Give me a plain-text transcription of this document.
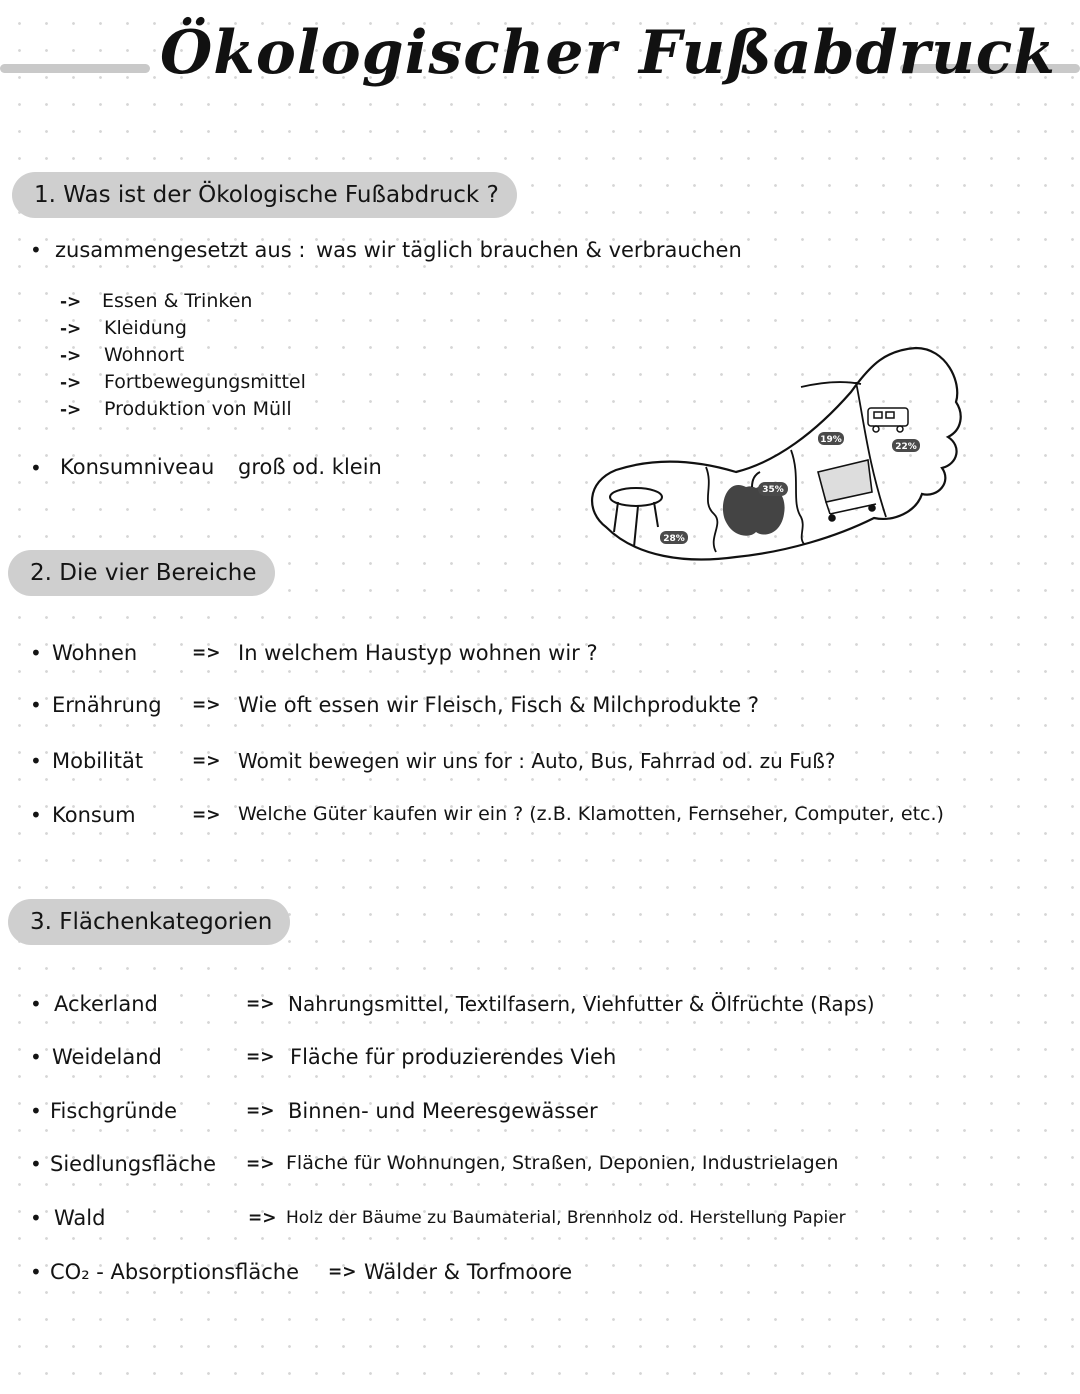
Ökologischer Fußabdruck
1. Was ist der Ökologische Fußabdruck ?
• zusammengesetzt aus : was wir täglich brauchen & verbrauchen
-> Essen & Trinken
-> Kleidung
-> Wohnort
-> Fortbewegungsmittel
-> Produktion von Müll
• Konsumniveau groß od. klein
28%
35%
19%
22%
2. Die vier Bereiche
• Wohnen	=> In welchem Haustyp wohnen wir ?
• Ernährung => Wie oft essen wir Fleisch, Fisch & Milchprodukte ?
• Mobilität	=> Womit bewegen wir uns for : Auto, Bus, Fahrrad od. zu Fuß?
• Konsum	=> Welche Güter kaufen wir ein ? (z.B. Klamotten, Fernseher, Computer, etc.)
3. Flächenkategorien
• Ackerland	=> Nahrungsmittel, Textilfasern, Viehfutter & Ölfrüchte (Raps)
• Weideland	=> Fläche für produzierendes Vieh
• Fischgründe	=> Binnen- und Meeresgewässer
• Siedlungsfläche => Fläche für Wohnungen, Straßen, Deponien, Industrielagen
• Wald	=> Holz der Bäume zu Baumaterial, Brennholz od. Herstellung Papier
• CO₂ - Absorptionsfläche => Wälder & Torfmoore
